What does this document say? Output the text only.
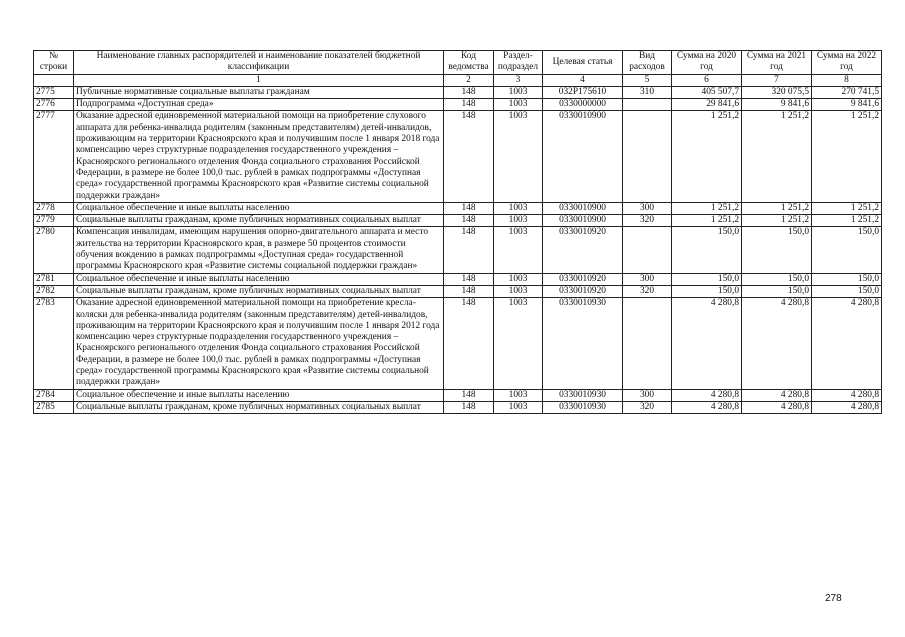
№ строки	Наименование главных распорядителей и наименование показателей бюджетной классификации	Код ведомства	Раздел-подраздел	Целевая статья	Вид расходов	Сумма на 2020 год	Сумма на 2021 год	Сумма на 2022 год
	1	2	3	4	5	6	7	8
2775	Публичные нормативные социальные выплаты гражданам	148	1003	032P175610	310	405 507,7	320 075,5	270 741,5
2776	Подпрограмма «Доступная среда»	148	1003	0330000000		29 841,6	9 841,6	9 841,6
2777	Оказание адресной единовременной материальной помощи на приобретение слухового аппарата для ребенка-инвалида родителям (законным представителям) детей-инвалидов, проживающим на территории Красноярского края и получившим после 1 января 2018 года компенсацию через структурные подразделения государственного учреждения – Красноярского регионального отделения Фонда социального страхования Российской Федерации, в размере не более 100,0 тыс. рублей в рамках подпрограммы «Доступная среда» государственной программы Красноярского края «Развитие системы социальной поддержки граждан»	148	1003	0330010900		1 251,2	1 251,2	1 251,2
2778	Социальное обеспечение и иные выплаты населению	148	1003	0330010900	300	1 251,2	1 251,2	1 251,2
2779	Социальные выплаты гражданам, кроме публичных нормативных социальных выплат	148	1003	0330010900	320	1 251,2	1 251,2	1 251,2
2780	Компенсация инвалидам, имеющим нарушения опорно-двигательного аппарата и место жительства на территории Красноярского края, в размере 50 процентов стоимости обучения вождению в рамках подпрограммы «Доступная среда» государственной программы Красноярского края «Развитие системы социальной поддержки граждан»	148	1003	0330010920		150,0	150,0	150,0
2781	Социальное обеспечение и иные выплаты населению	148	1003	0330010920	300	150,0	150,0	150,0
2782	Социальные выплаты гражданам, кроме публичных нормативных социальных выплат	148	1003	0330010920	320	150,0	150,0	150,0
2783	Оказание адресной единовременной материальной помощи на приобретение кресла-коляски для ребенка-инвалида родителям (законным представителям) детей-инвалидов, проживающим на территории Красноярского края и получившим после 1 января 2012 года компенсацию через структурные подразделения государственного учреждения – Красноярского регионального отделения Фонда социального страхования Российской Федерации, в размере не более 100,0 тыс. рублей в рамках подпрограммы «Доступная среда» государственной программы Красноярского края «Развитие системы социальной поддержки граждан»	148	1003	0330010930		4 280,8	4 280,8	4 280,8
2784	Социальное обеспечение и иные выплаты населению	148	1003	0330010930	300	4 280,8	4 280,8	4 280,8
2785	Социальные выплаты гражданам, кроме публичных нормативных социальных выплат	148	1003	0330010930	320	4 280,8	4 280,8	4 280,8
278
